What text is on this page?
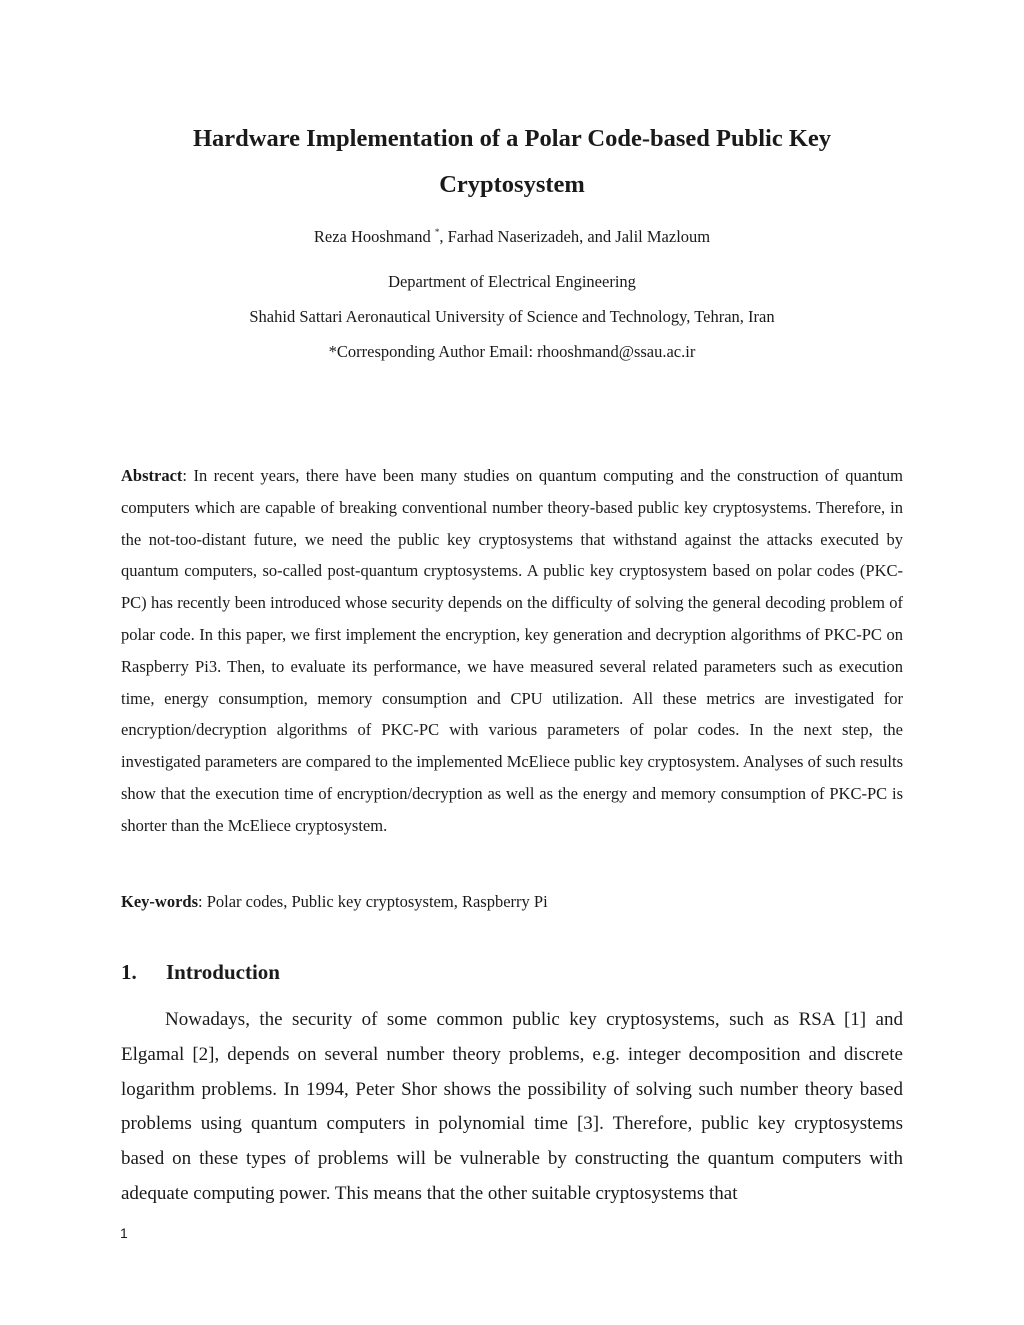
Hardware Implementation of a Polar Code-based Public Key Cryptosystem

Reza Hooshmand *, Farhad Naserizadeh, and Jalil Mazloum

Department of Electrical Engineering

Shahid Sattari Aeronautical University of Science and Technology, Tehran, Iran

*Corresponding Author Email: rhooshmand@ssau.ac.ir

Abstract: In recent years, there have been many studies on quantum computing and the construction of quantum computers which are capable of breaking conventional number theory-based public key cryptosystems. Therefore, in the not-too-distant future, we need the public key cryptosystems that withstand against the attacks executed by quantum computers, so-called post-quantum cryptosystems. A public key cryptosystem based on polar codes (PKC-PC) has recently been introduced whose security depends on the difficulty of solving the general decoding problem of polar code. In this paper, we first implement the encryption, key generation and decryption algorithms of PKC-PC on Raspberry Pi3. Then, to evaluate its performance, we have measured several related parameters such as execution time, energy consumption, memory consumption and CPU utilization. All these metrics are investigated for encryption/decryption algorithms of PKC-PC with various parameters of polar codes. In the next step, the investigated parameters are compared to the implemented McEliece public key cryptosystem. Analyses of such results show that the execution time of encryption/decryption as well as the energy and memory consumption of PKC-PC is shorter than the McEliece cryptosystem.

Key-words: Polar codes, Public key cryptosystem, Raspberry Pi

1. Introduction

Nowadays, the security of some common public key cryptosystems, such as RSA [1] and Elgamal [2], depends on several number theory problems, e.g. integer decomposition and discrete logarithm problems. In 1994, Peter Shor shows the possibility of solving such number theory based problems using quantum computers in polynomial time [3]. Therefore, public key cryptosystems based on these types of problems will be vulnerable by constructing the quantum computers with adequate computing power. This means that the other suitable cryptosystems that

1
